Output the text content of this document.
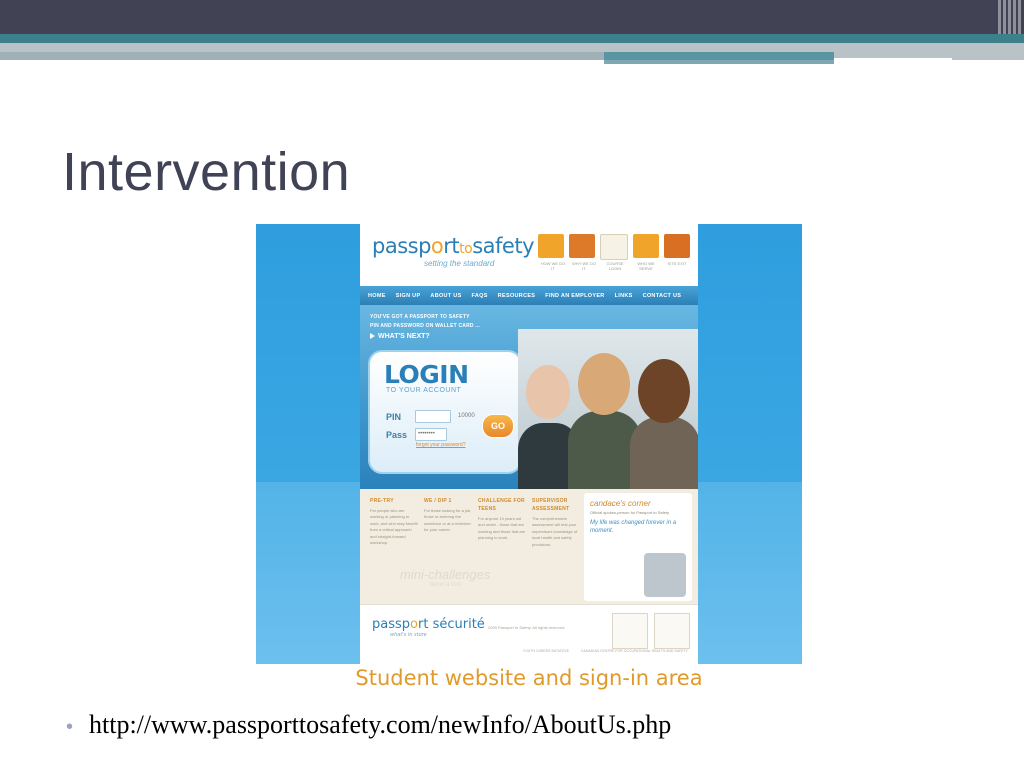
Intervention
passporttosafety
setting the standard	HOW WE DO IT
WHY WE DO IT
COURSE LOGIN
WHO WE SERVE
SITE EXIT
HOME SIGN UP ABOUT US FAQS RESOURCES FIND AN EMPLOYER LINKS CONTACT US
YOU'VE GOT A PASSPORT TO SAFETY
PIN AND PASSWORD ON WALLET CARD ...
WHAT'S NEXT?
LOGIN
TO YOUR ACCOUNT
PIN	10000
Pass	••••••••
forgot your password?
GO
PRE-TRY
For people who are working or planning to work, and who may benefit from a critical approach and straight-forward workshop.
WE / DIP 1
For those looking for a job, those re-entering the workforce or at a refresher for your career.
CHALLENGE FOR TEENS
For anyone 19 years old and under - those that are working and those that are planning to work.
SUPERVISOR ASSESSMENT
The comprehensive assessment will test your supervisors knowledge of local health and safety provisions.
mini-challenges
demo a tool
candace's corner

Official spokes-person for Passport to Safety

My life was changed forever in a moment.
passport sécurité
what's in store
2009 Passport to Safety. All rights reserved.
YOUTH CAREER INITIATIVE	CANADIAN CENTRE FOR OCCUPATIONAL HEALTH AND SAFETY
Student website and sign-in area
• http://www.passporttosafety.com/newInfo/AboutUs.php
